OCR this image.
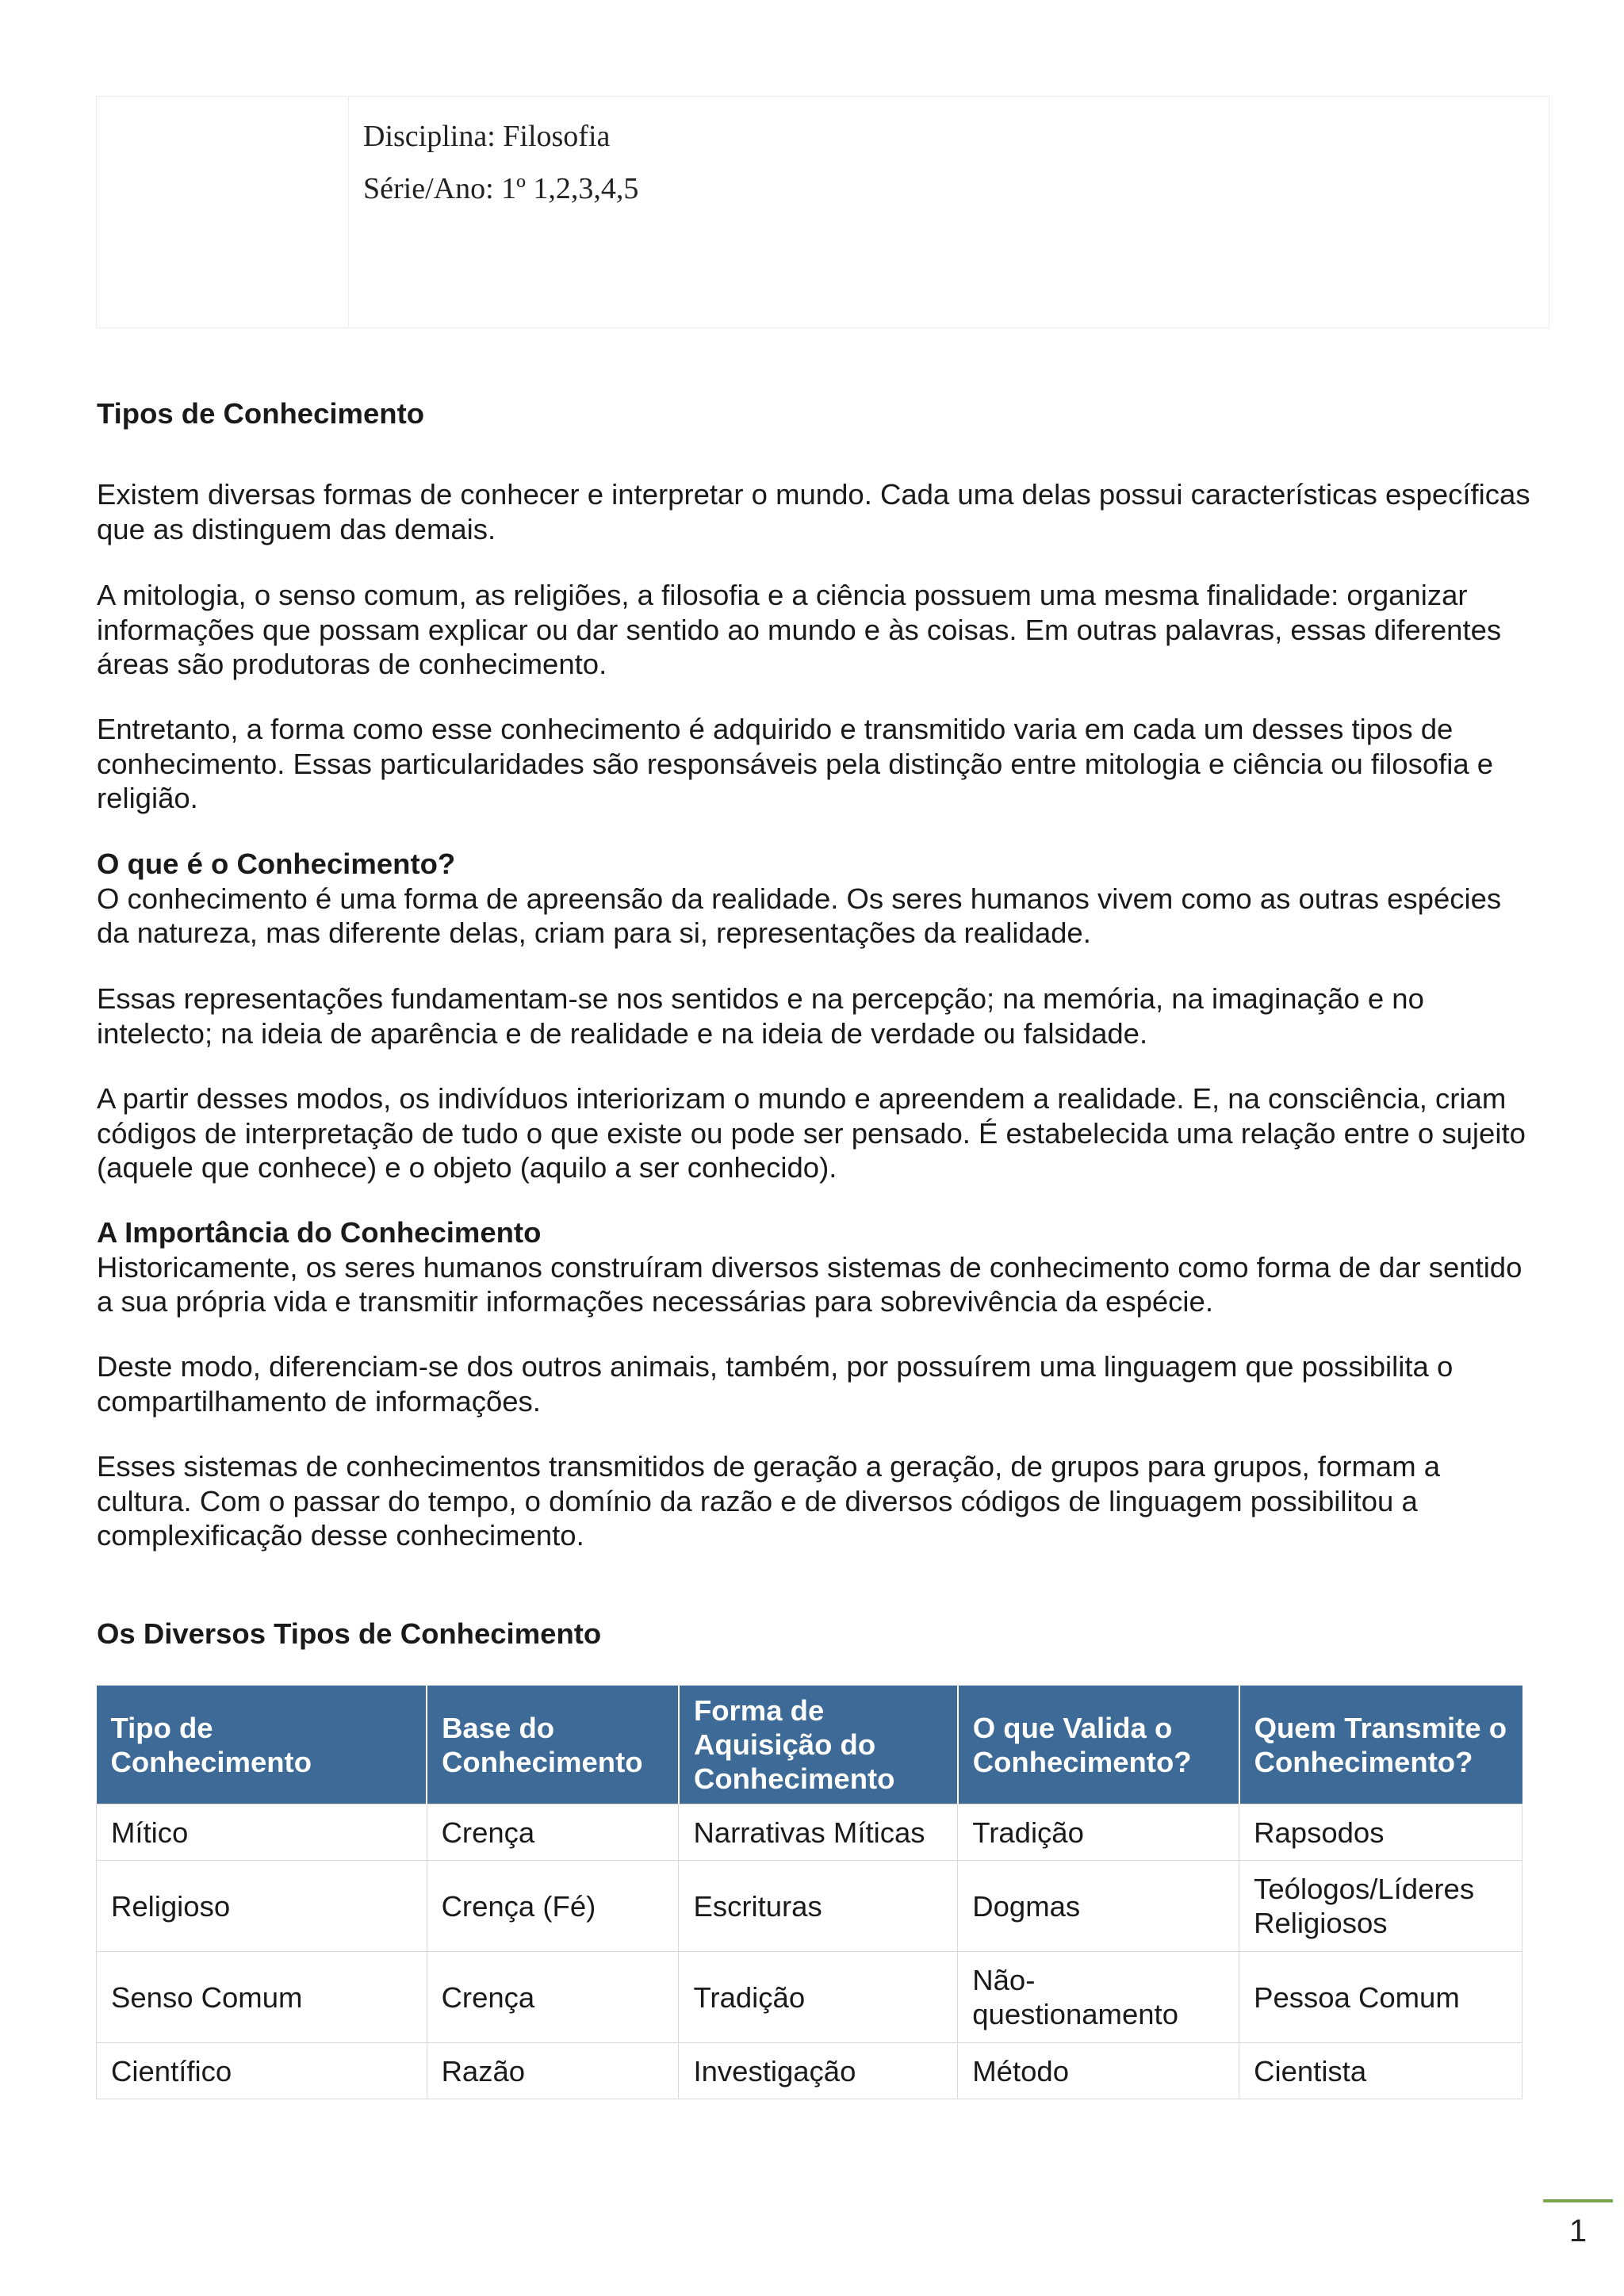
Disciplina: Filosofia
Série/Ano: 1º 1,2,3,4,5

Tipos de Conhecimento

Existem diversas formas de conhecer e interpretar o mundo. Cada uma delas possui características específicas que as distinguem das demais.
A mitologia, o senso comum, as religiões, a filosofia e a ciência possuem uma mesma finalidade: organizar informações que possam explicar ou dar sentido ao mundo e às coisas. Em outras palavras, essas diferentes áreas são produtoras de conhecimento.
Entretanto, a forma como esse conhecimento é adquirido e transmitido varia em cada um desses tipos de conhecimento. Essas particularidades são responsáveis pela distinção entre mitologia e ciência ou filosofia e religião.

O que é o Conhecimento?

O conhecimento é uma forma de apreensão da realidade. Os seres humanos vivem como as outras espécies da natureza, mas diferente delas, criam para si, representações da realidade.

Essas representações fundamentam-se nos sentidos e na percepção; na memória, na imaginação e no intelecto; na ideia de aparência e de realidade e na ideia de verdade ou falsidade.
A partir desses modos, os indivíduos interiorizam o mundo e apreendem a realidade. E, na consciência, criam códigos de interpretação de tudo o que existe ou pode ser pensado. É estabelecida uma relação entre o sujeito (aquele que conhece) e o objeto (aquilo a ser conhecido).

A Importância do Conhecimento

Historicamente, os seres humanos construíram diversos sistemas de conhecimento como forma de dar sentido a sua própria vida e transmitir informações necessárias para sobrevivência da espécie.

Deste modo, diferenciam-se dos outros animais, também, por possuírem uma linguagem que possibilita o compartilhamento de informações.
Esses sistemas de conhecimentos transmitidos de geração a geração, de grupos para grupos, formam a cultura. Com o passar do tempo, o domínio da razão e de diversos códigos de linguagem possibilitou a complexificação desse conhecimento.

Os Diversos Tipos de Conhecimento

Tipo de Conhecimento	Base do Conhecimento	Forma de Aquisição do Conhecimento	O que Valida o Conhecimento?	Quem Transmite o Conhecimento?
Mítico	Crença	Narrativas Míticas	Tradição	Rapsodos
Religioso	Crença (Fé)	Escrituras	Dogmas	Teólogos/Líderes Religiosos
Senso Comum	Crença	Tradição	Não-questionamento	Pessoa Comum
Científico	Razão	Investigação	Método	Cientista
1
